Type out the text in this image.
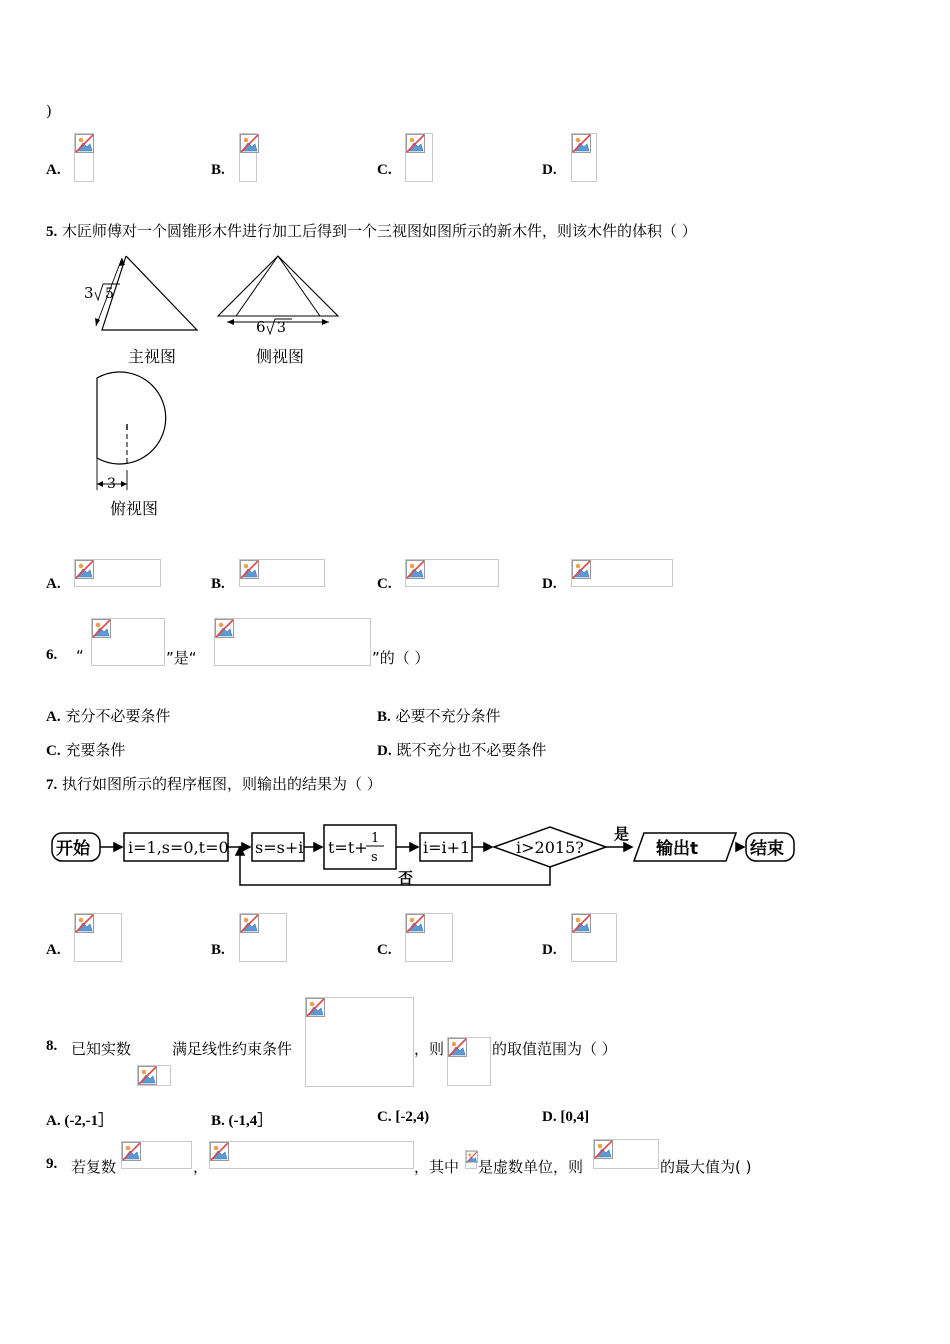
)
A.	B.	C.	D.
5. 木匠师傅对一个圆锥形木件进行加工后得到一个三视图如图所示的新木件，则该木件的体积（ ）
3 5
6 3
主视图	侧视图
3
俯视图
A.	B.	C.	D.
6. “	”是“	”的（ ）
A. 充分不必要条件	B. 必要不充分条件
C. 充要条件	D. 既不充分也不必要条件
7. 执行如图所示的程序框图，则输出的结果为（ ）
开始	结束
输出t
是
否
i=1,s=0,t=0 s=s+i t=t+ 1
s
i=i+1	i>2015?
A.	B.	C.	D.
8. 已知实数	满足线性约束条件	，则	的取值范围为（ ）
A. (-2,-1］	B. (-1,4］	C. [-2,4)	D. [0,4]
9. 若复数	，	，其中 是虚数单位，则	的最大值为( )
